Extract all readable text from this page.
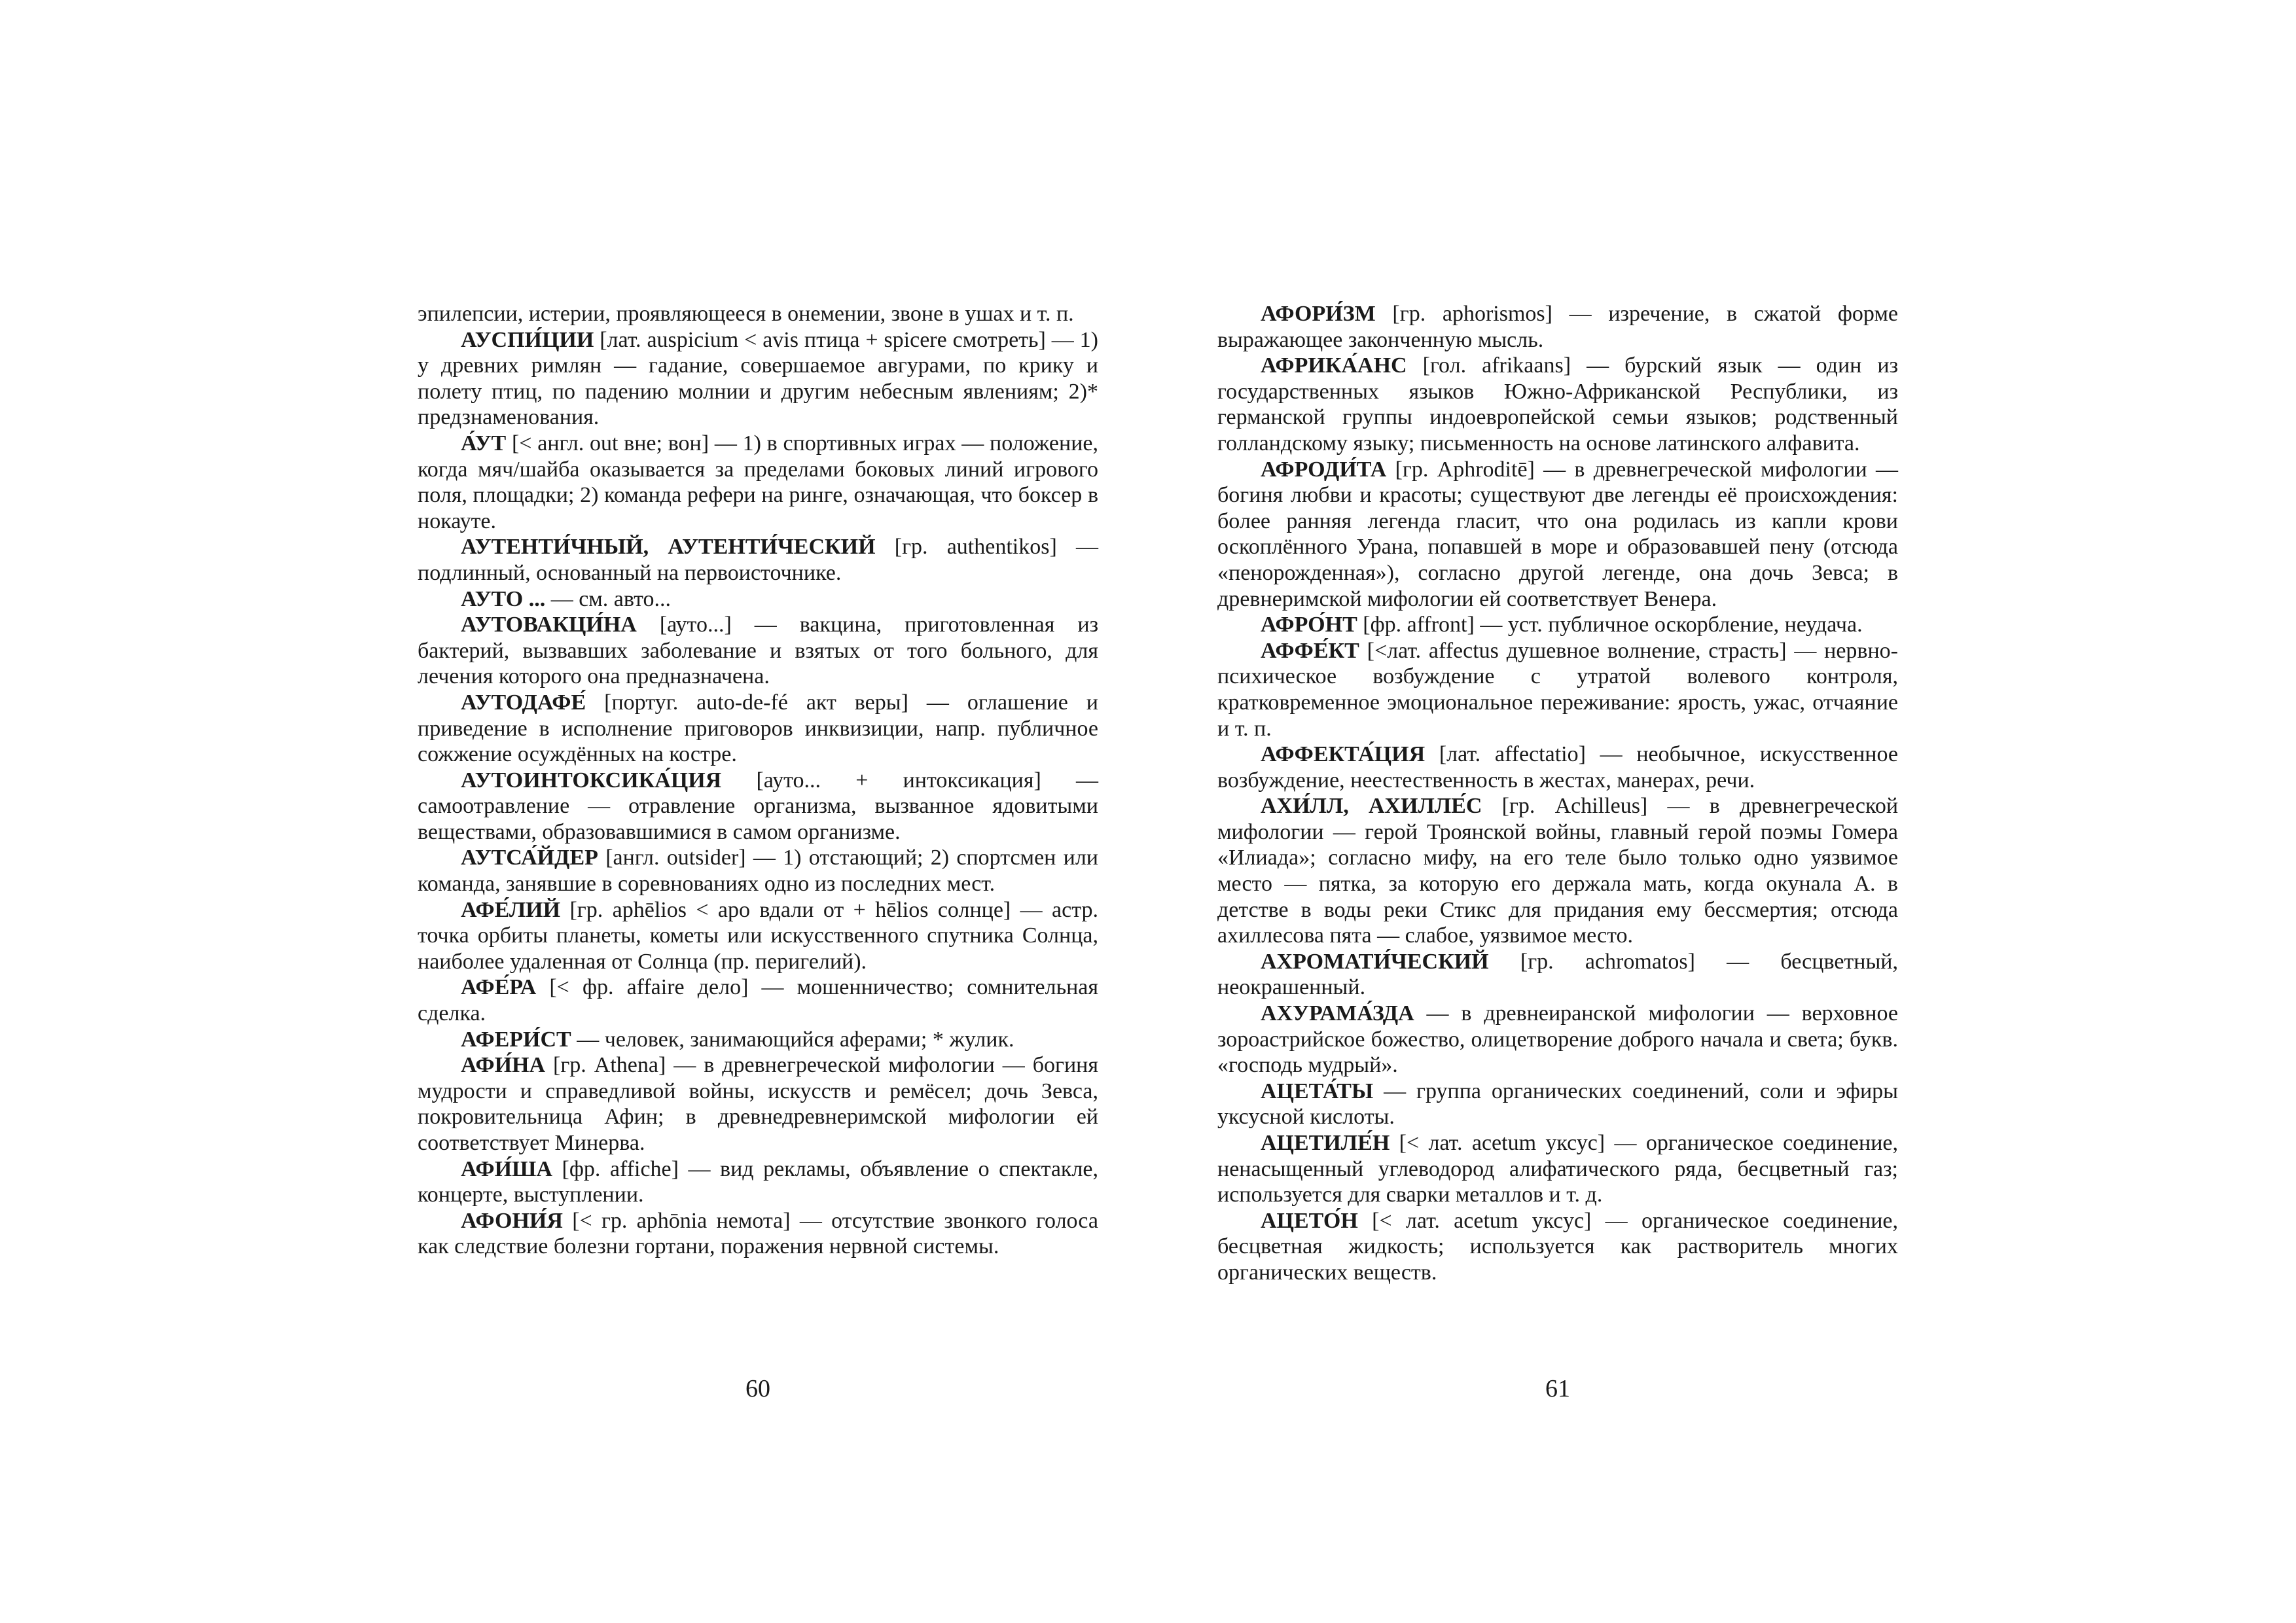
эпилепсии, истерии, проявляющееся в онемении, звоне в ушах и т. п.

АУСПИ́ЦИИ [лат. auspicium < avis птица + spicere смотреть] — 1) у древних римлян — гадание, совершаемое авгурами, по крику и полету птиц, по падению молнии и другим небесным явлениям; 2)* предзнаменования.

А́УТ [< англ. out вне; вон] — 1) в спортивных играх — положение, когда мяч/шайба оказывается за пределами боковых линий игрового поля, площадки; 2) команда рефери на ринге, означающая, что боксер в нокауте.

АУТЕНТИ́ЧНЫЙ, АУТЕНТИ́ЧЕСКИЙ [гр. authentikos] — подлинный, основанный на первоисточнике.

АУТО ... — см. авто...

АУТОВАКЦИ́НА [ауто...] — вакцина, приготовленная из бактерий, вызвавших заболевание и взятых от того больного, для лечения которого она предназначена.

АУТОДАФЕ́ [португ. auto-de-fé акт веры] — оглашение и приведение в исполнение приговоров инквизиции, напр. публичное сожжение осуждённых на костре.

АУТОИНТОКСИКА́ЦИЯ [ауто... + интоксикация] — самоотравление — отравление организма, вызванное ядовитыми веществами, образовавшимися в самом организме.

АУТСА́ЙДЕР [англ. outsider] — 1) отстающий; 2) спортсмен или команда, занявшие в соревнованиях одно из последних мест.

АФЕ́ЛИЙ [гр. aphēlios < apo вдали от + hēlios солнце] — астр. точка орбиты планеты, кометы или искусственного спутника Солнца, наиболее удаленная от Солнца (пр. перигелий).

АФЕ́РА [< фр. affaire дело] — мошенничество; сомнительная сделка.

АФЕРИ́СТ — человек, занимающийся аферами; * жулик.

АФИ́НА [гр. Athena] — в древнегреческой мифологии — богиня мудрости и справедливой войны, искусств и ремёсел; дочь Зевса, покровительница Афин; в древнедревнеримской мифологии ей соответствует Минерва.

АФИ́ША [фр. affiche] — вид рекламы, объявление о спектакле, концерте, выступлении.

АФОНИ́Я [< гр. aphōnia немота] — отсутствие звонкого голоса как следствие болезни гортани, поражения нервной системы.

60

АФОРИ́ЗМ [гр. aphorismos] — изречение, в сжатой форме выражающее законченную мысль.

АФРИКА́АНС [гол. afrikaans] — бурский язык — один из государственных языков Южно-Африканской Республики, из германской группы индоевропейской семьи языков; родственный голландскому языку; письменность на основе латинского алфавита.

АФРОДИ́ТА [гр. Aphroditē] — в древнегреческой мифологии — богиня любви и красоты; существуют две легенды её происхождения: более ранняя легенда гласит, что она родилась из капли крови оскоплённого Урана, попавшей в море и образовавшей пену (отсюда «пенорожденная»), согласно другой легенде, она дочь Зевса; в древнеримской мифологии ей соответствует Венера.

АФРО́НТ [фр. affront] — уст. публичное оскорбление, неудача.

АФФЕ́КТ [<лат. affectus душевное волнение, страсть] — нервно-психическое возбуждение с утратой волевого контроля, кратковременное эмоциональное переживание: ярость, ужас, отчаяние и т. п.

АФФЕКТА́ЦИЯ [лат. affectatio] — необычное, искусственное возбуждение, неестественность в жестах, манерах, речи.

АХИ́ЛЛ, АХИЛЛЕ́С [гр. Achilleus] — в древнегреческой мифологии — герой Троянской войны, главный герой поэмы Гомера «Илиада»; согласно мифу, на его теле было только одно уязвимое место — пятка, за которую его держала мать, когда окунала А. в детстве в воды реки Стикс для придания ему бессмертия; отсюда ахиллесова пята — слабое, уязвимое место.

АХРОМАТИ́ЧЕСКИЙ [гр. achromatos] — бесцветный, неокрашенный.

АХУРАМА́ЗДА — в древнеиранской мифологии — верховное зороастрийское божество, олицетворение доброго начала и света; букв. «господь мудрый».

АЦЕТА́ТЫ — группа органических соединений, соли и эфиры уксусной кислоты.

АЦЕТИЛЕ́Н [< лат. acetum уксус] — органическое соединение, ненасыщенный углеводород алифатического ряда, бесцветный газ; используется для сварки металлов и т. д.

АЦЕТО́Н [< лат. acetum уксус] — органическое соединение, бесцветная жидкость; используется как растворитель многих органических веществ.

61
